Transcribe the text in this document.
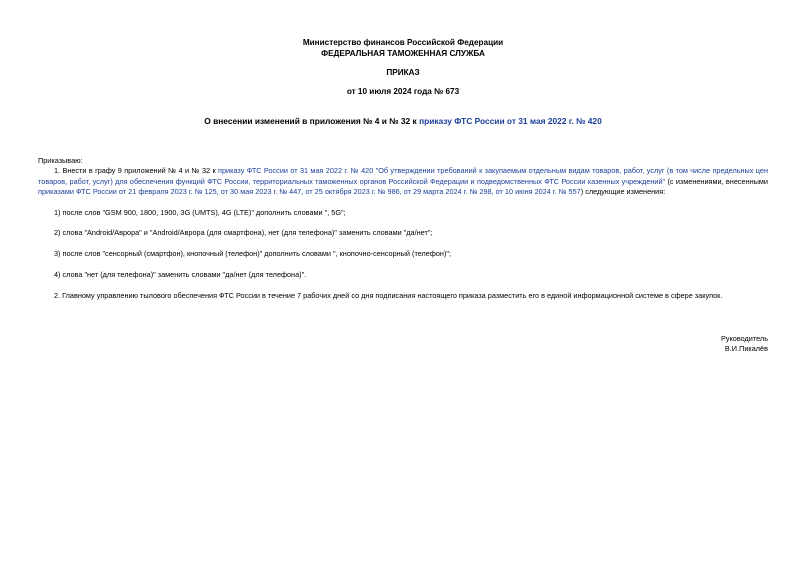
Министерство финансов Российской Федерации
ФЕДЕРАЛЬНАЯ ТАМОЖЕННАЯ СЛУЖБА
ПРИКАЗ
от 10 июля 2024 года № 673
О внесении изменений в приложения № 4 и № 32 к приказу ФТС России от 31 мая 2022 г. № 420
Приказываю:
1. Внести в графу 9 приложений № 4 и № 32 к приказу ФТС России от 31 мая 2022 г. № 420 "Об утверждении требований к закупаемым отдельным видам товаров, работ, услуг (в том числе предельных цен товаров, работ, услуг) для обеспечения функций ФТС России, территориальных таможенных органов Российской Федерации и подведомственных ФТС России казенных учреждений" (с изменениями, внесенными приказами ФТС России от 21 февраля 2023 г. № 125, от 30 мая 2023 г. № 447, от 25 октября 2023 г. № 986, от 29 марта 2024 г. № 298, от 10 июня 2024 г. № 557) следующие изменения:
1) после слов "GSM 900, 1800, 1900, 3G (UMTS), 4G (LTE)" дополнить словами ", 5G";
2) слова "Android/Аврора" и "Android/Аврора (для смартфона), нет (для телефона)" заменить словами "да/нет";
3) после слов "сенсорный (смартфон), кнопочный (телефон)" дополнить словами ", кнопочно-сенсорный (телефон)";
4) слова "нет (для телефона)" заменить словами "да/нет (для телефона)".
2. Главному управлению тылового обеспечения ФТС России в течение 7 рабочих дней со дня подписания настоящего приказа разместить его в единой информационной системе в сфере закупок.
Руководитель
В.И.Пикалёв
